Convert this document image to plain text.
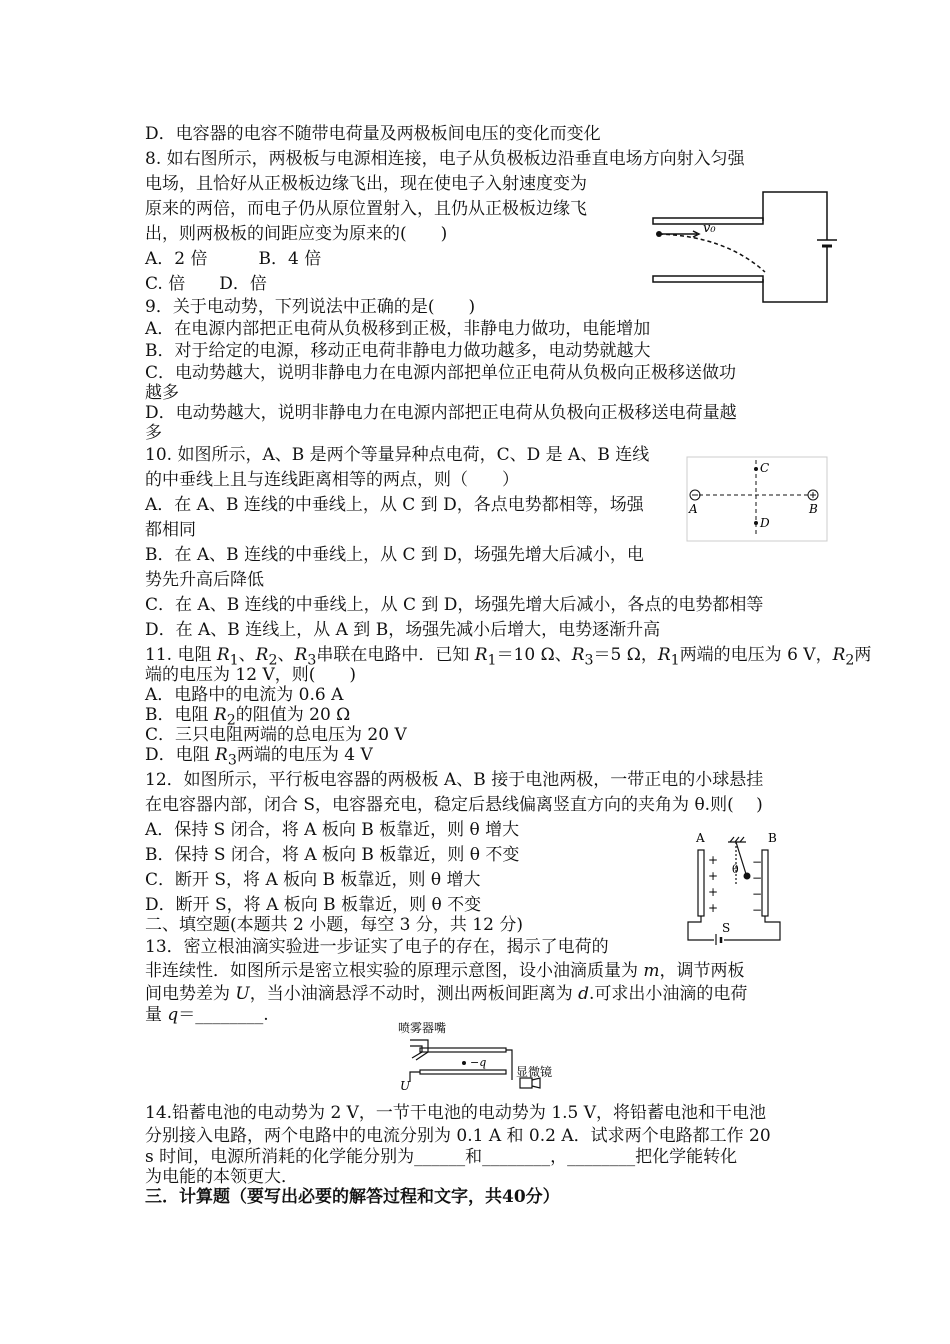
D．电容器的电容不随带电荷量及两极板间电压的变化而变化
8. 如右图所示，两极板与电源相连接，电子从负极板边沿垂直电场方向射入匀强
电场，且恰好从正极板边缘飞出，现在使电子入射速度变为
原来的两倍，而电子仍从原位置射入，且仍从正极板边缘飞
出，则两极板的间距应变为原来的(　　)
A．2 倍　　　B．4 倍
C. 倍　　D．倍
9．关于电动势，下列说法中正确的是(　　)
A．在电源内部把正电荷从负极移到正极，非静电力做功，电能增加
B．对于给定的电源，移动正电荷非静电力做功越多，电动势就越大
C．电动势越大，说明非静电力在电源内部把单位正电荷从负极向正极移送做功
越多
D．电动势越大，说明非静电力在电源内部把正电荷从负极向正极移送电荷量越
多
10. 如图所示，A、B 是两个等量异种点电荷，C、D 是 A、B 连线
的中垂线上且与连线距离相等的两点，则（　　）
A．在 A、B 连线的中垂线上，从 C 到 D，各点电势都相等，场强
都相同
B．在 A、B 连线的中垂线上，从 C 到 D，场强先增大后减小，电
势先升高后降低
C．在 A、B 连线的中垂线上，从 C 到 D，场强先增大后减小，各点的电势都相等
D．在 A、B 连线上，从 A 到 B，场强先减小后增大，电势逐渐升高
11. 电阻 $R_1$、$R_2$、$R_3$串联在电路中．已知 $R_1=10$ Ω、$R_3=5$ Ω，$R_1$两端的电压为 6 V，$R_2$两
端的电压为 12 V，则(　　)
A．电路中的电流为 0.6 A
B．电阻 $R_2$的阻值为 20 Ω
C．三只电阻两端的总电压为 20 V
D．电阻 $R_3$两端的电压为 4 V
12．如图所示，平行板电容器的两极板 A、B 接于电池两极，一带正电的小球悬挂
在电容器内部，闭合 S，电容器充电，稳定后悬线偏离竖直方向的夹角为 θ.则(　 )
A．保持 S 闭合，将 A 板向 B 板靠近，则 θ 增大
B．保持 S 闭合，将 A 板向 B 板靠近，则 θ 不变
C．断开 S，将 A 板向 B 板靠近，则 θ 增大
D．断开 S，将 A 板向 B 板靠近，则 θ 不变
二、填空题(本题共 2 小题，每空 3 分，共 12 分)
13．密立根油滴实验进一步证实了电子的存在，揭示了电荷的
非连续性．如图所示是密立根实验的原理示意图，设小油滴质量为 m，调节两板
间电势差为 U，当小油滴悬浮不动时，测出两板间距离为 d.可求出小油滴的电荷
量 q＝________.
14.铅蓄电池的电动势为 2 V，一节干电池的电动势为 1.5 V，将铅蓄电池和干电池
分别接入电路，两个电路中的电流分别为 0.1 A 和 0.2 A．试求两个电路都工作 20
s 时间，电源所消耗的化学能分别为______和________，________把化学能转化
为电能的本领更大．
三．计算题（要写出必要的解答过程和文字，共40分）
v₀
C
D
A	B
A	B
S
θ
+
+
+
+
−
−
−
−
喷雾器嘴
显微镜
−q
U
